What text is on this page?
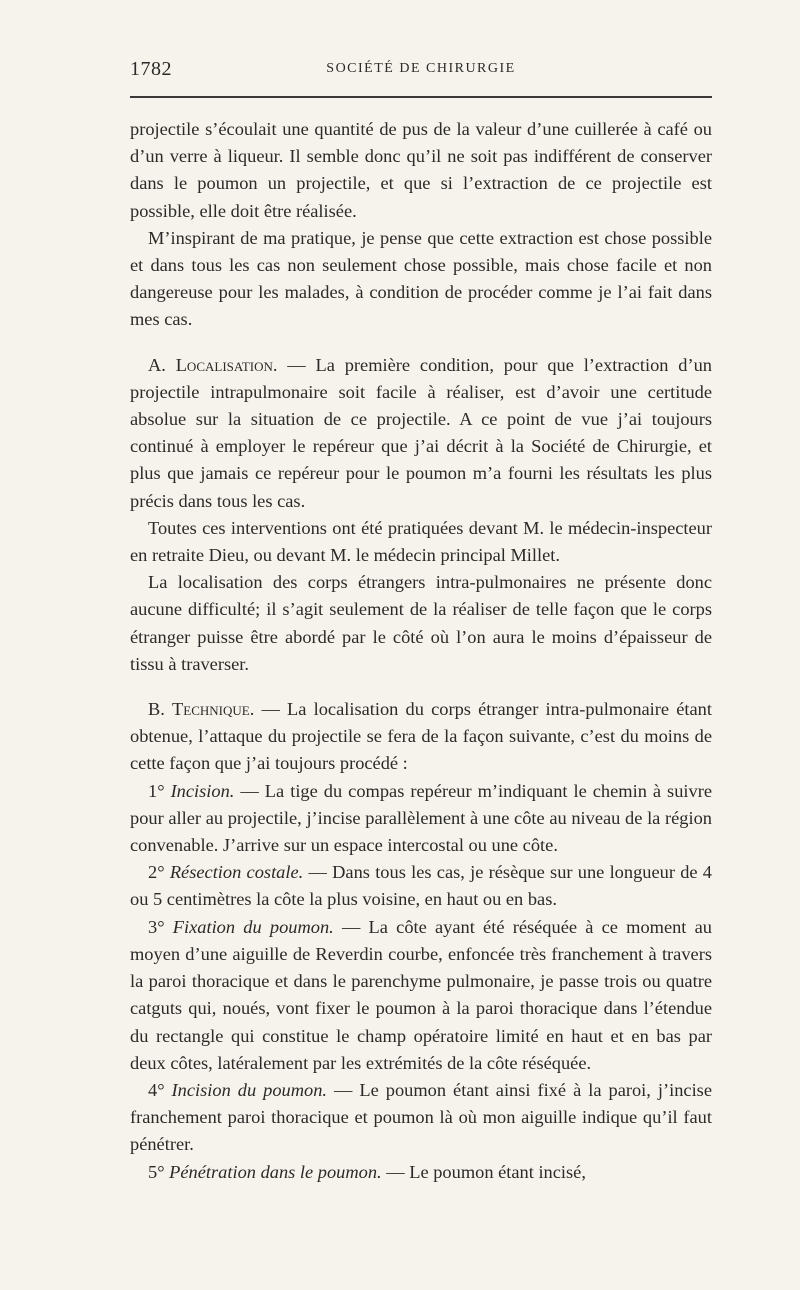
1782	SOCIÉTÉ DE CHIRURGIE

projectile s’écoulait une quantité de pus de la valeur d’une cuillerée à café ou d’un verre à liqueur. Il semble donc qu’il ne soit pas indifférent de conserver dans le poumon un projectile, et que si l’extraction de ce projectile est possible, elle doit être réalisée.

M’inspirant de ma pratique, je pense que cette extraction est chose possible et dans tous les cas non seulement chose possible, mais chose facile et non dangereuse pour les malades, à condition de procéder comme je l’ai fait dans mes cas.

A. Localisation. — La première condition, pour que l’extraction d’un projectile intrapulmonaire soit facile à réaliser, est d’avoir une certitude absolue sur la situation de ce projectile. A ce point de vue j’ai toujours continué à employer le repéreur que j’ai décrit à la Société de Chirurgie, et plus que jamais ce repéreur pour le poumon m’a fourni les résultats les plus précis dans tous les cas.

Toutes ces interventions ont été pratiquées devant M. le médecin-inspecteur en retraite Dieu, ou devant M. le médecin principal Millet.

La localisation des corps étrangers intra-pulmonaires ne présente donc aucune difficulté; il s’agit seulement de la réaliser de telle façon que le corps étranger puisse être abordé par le côté où l’on aura le moins d’épaisseur de tissu à traverser.

B. Technique. — La localisation du corps étranger intra-pulmonaire étant obtenue, l’attaque du projectile se fera de la façon suivante, c’est du moins de cette façon que j’ai toujours procédé :

1° Incision. — La tige du compas repéreur m’indiquant le chemin à suivre pour aller au projectile, j’incise parallèlement à une côte au niveau de la région convenable. J’arrive sur un espace intercostal ou une côte.

2° Résection costale. — Dans tous les cas, je résèque sur une longueur de 4 ou 5 centimètres la côte la plus voisine, en haut ou en bas.

3° Fixation du poumon. — La côte ayant été réséquée à ce moment au moyen d’une aiguille de Reverdin courbe, enfoncée très franchement à travers la paroi thoracique et dans le parenchyme pulmonaire, je passe trois ou quatre catguts qui, noués, vont fixer le poumon à la paroi thoracique dans l’étendue du rectangle qui constitue le champ opératoire limité en haut et en bas par deux côtes, latéralement par les extrémités de la côte réséquée.

4° Incision du poumon. — Le poumon étant ainsi fixé à la paroi, j’incise franchement paroi thoracique et poumon là où mon aiguille indique qu’il faut pénétrer.

5° Pénétration dans le poumon. — Le poumon étant incisé,
